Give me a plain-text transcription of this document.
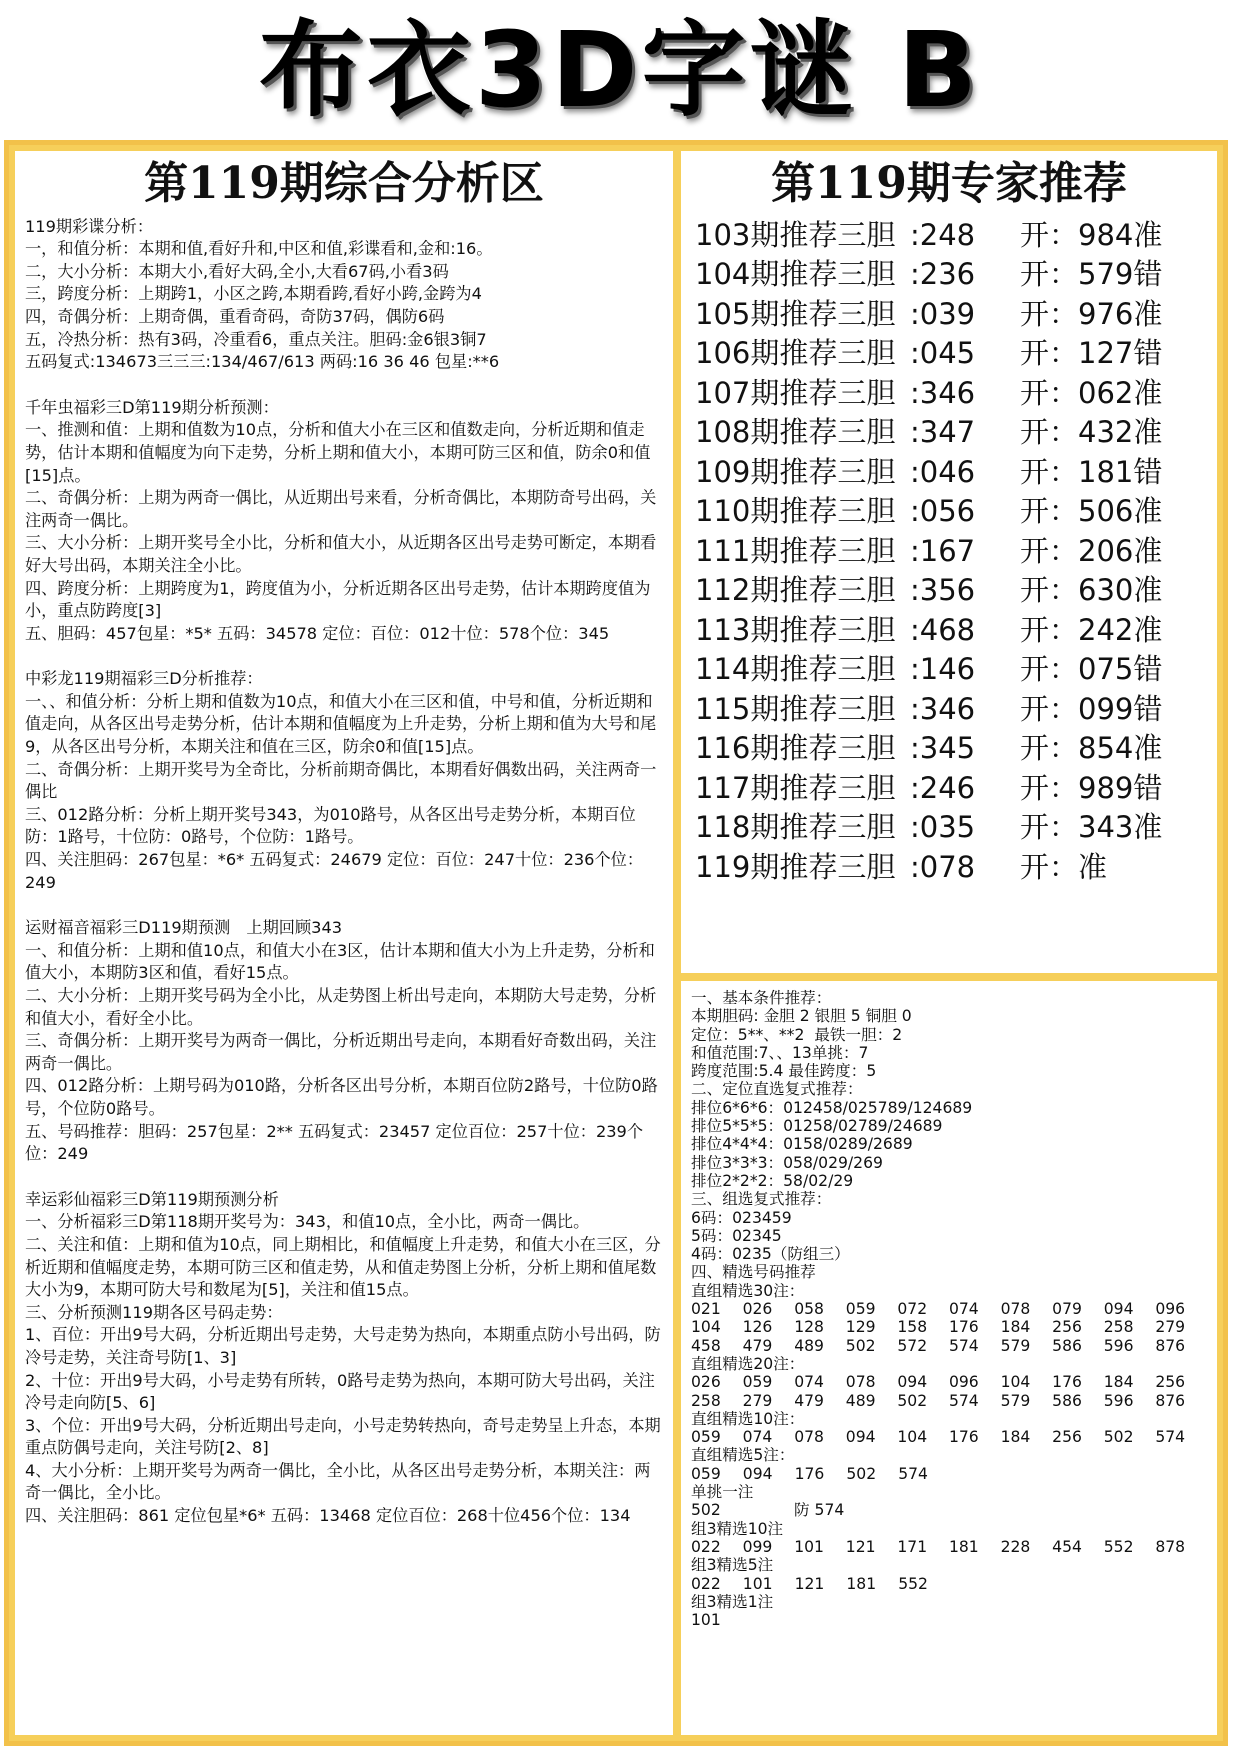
布衣3D字谜 B
第119期综合分析区
119期彩谍分析：
一，和值分析：本期和值,看好升和,中区和值,彩谍看和,金和:16。
二，大小分析：本期大小,看好大码,全小,大看67码,小看3码
三，跨度分析：上期跨1，小区之跨,本期看跨,看好小跨,金跨为4
四，奇偶分析：上期奇偶，重看奇码，奇防37码，偶防6码
五，冷热分析：热有3码，冷重看6，重点关注。胆码:金6银3铜7
五码复式:134673三三三:134/467/613 两码:16 36 46 包星:**6
千年虫福彩三D第119期分析预测：
一、推测和值：上期和值数为10点，分析和值大小在三区和值数走向，分析近期和值走势，估计本期和值幅度为向下走势，分析上期和值大小，本期可防三区和值，防余0和值[15]点。
二、奇偶分析：上期为两奇一偶比，从近期出号来看，分析奇偶比，本期防奇号出码，关注两奇一偶比。
三、大小分析：上期开奖号全小比，分析和值大小，从近期各区出号走势可断定，本期看好大号出码，本期关注全小比。
四、跨度分析：上期跨度为1，跨度值为小，分析近期各区出号走势，估计本期跨度值为小，重点防跨度[3]
五、胆码：457包星：*5* 五码：34578 定位：百位：012十位：578个位：345
中彩龙119期福彩三D分析推荐：
一、、和值分析：分析上期和值数为10点，和值大小在三区和值，中号和值，分析近期和值走向，从各区出号走势分析，估计本期和值幅度为上升走势，分析上期和值为大号和尾9，从各区出号分析，本期关注和值在三区，防余0和值[15]点。
二、奇偶分析：上期开奖号为全奇比，分析前期奇偶比，本期看好偶数出码，关注两奇一偶比
三、012路分析：分析上期开奖号343，为010路号，从各区出号走势分析，本期百位防：1路号，十位防：0路号，个位防：1路号。
四、关注胆码：267包星：*6* 五码复式：24679 定位：百位：247十位：236个位：249
运财福音福彩三D119期预测　上期回顾343
一、和值分析：上期和值10点，和值大小在3区，估计本期和值大小为上升走势，分析和值大小，本期防3区和值，看好15点。
二、大小分析：上期开奖号码为全小比，从走势图上析出号走向，本期防大号走势，分析和值大小，看好全小比。
三、奇偶分析：上期开奖号为两奇一偶比，分析近期出号走向，本期看好奇数出码，关注两奇一偶比。
四、012路分析：上期号码为010路，分析各区出号分析，本期百位防2路号，十位防0路号，个位防0路号。
五、号码推荐：胆码：257包星：2** 五码复式：23457 定位百位：257十位：239个位：249
幸运彩仙福彩三D第119期预测分析
一、分析福彩三D第118期开奖号为：343，和值10点，全小比，两奇一偶比。
二、关注和值：上期和值为10点，同上期相比，和值幅度上升走势，和值大小在三区，分析近期和值幅度走势，本期可防三区和值走势，从和值走势图上分析，分析上期和值尾数大小为9，本期可防大号和数尾为[5]，关注和值15点。
三、分析预测119期各区号码走势：
1、百位：开出9号大码，分析近期出号走势，大号走势为热向，本期重点防小号出码，防冷号走势，关注奇号防[1、3]
2、十位：开出9号大码，小号走势有所转，0路号走势为热向，本期可防大号出码，关注冷号走向防[5、6]
3、个位：开出9号大码，分析近期出号走向，小号走势转热向，奇号走势呈上升态，本期重点防偶号走向，关注号防[2、8]
4、大小分析：上期开奖号为两奇一偶比，全小比，从各区出号走势分析，本期关注：两奇一偶比，全小比。
四、关注胆码：861 定位包星*6* 五码：13468 定位百位：268十位456个位：134
第119期专家推荐
103期推荐三胆 :248	开：984准
104期推荐三胆 :236	开：579错
105期推荐三胆 :039	开：976准
106期推荐三胆 :045	开：127错
107期推荐三胆 :346	开：062准
108期推荐三胆 :347	开：432准
109期推荐三胆 :046	开：181错
110期推荐三胆 :056	开：506准
111期推荐三胆 :167	开：206准
112期推荐三胆 :356	开：630准
113期推荐三胆 :468	开：242准
114期推荐三胆 :146	开：075错
115期推荐三胆 :346	开：099错
116期推荐三胆 :345	开：854准
117期推荐三胆 :246	开：989错
118期推荐三胆 :035	开：343准
119期推荐三胆 :078	开：准
一、基本条件推荐：
本期胆码: 金胆 2 银胆 5 铜胆 0
定位：5**、**2  最铁一胆：2
和值范围:7、、13单挑：7
跨度范围:5.4 最佳跨度：5
二、定位直选复式推荐：
排位6*6*6：012458/025789/124689
排位5*5*5：01258/02789/24689
排位4*4*4：0158/0289/2689
排位3*3*3：058/029/269
排位2*2*2：58/02/29
三、组选复式推荐：
6码：023459
5码：02345
4码：0235（防组三）
四、精选号码推荐
直组精选30注：
021	026	058	059	072	074	078	079	094	096
104	126	128	129	158	176	184	256	258	279
458	479	489	502	572	574	579	586	596	876
直组精选20注：
026	059	074	078	094	096	104	176	184	256
258	279	479	489	502	574	579	586	596	876
直组精选10注：
059	074	078	094	104	176	184	256	502	574
直组精选5注：
059	094	176	502	574
单挑一注
502	防 574
组3精选10注
022	099	101	121	171	181	228	454	552	878
组3精选5注
022	101	121	181	552
组3精选1注
101
